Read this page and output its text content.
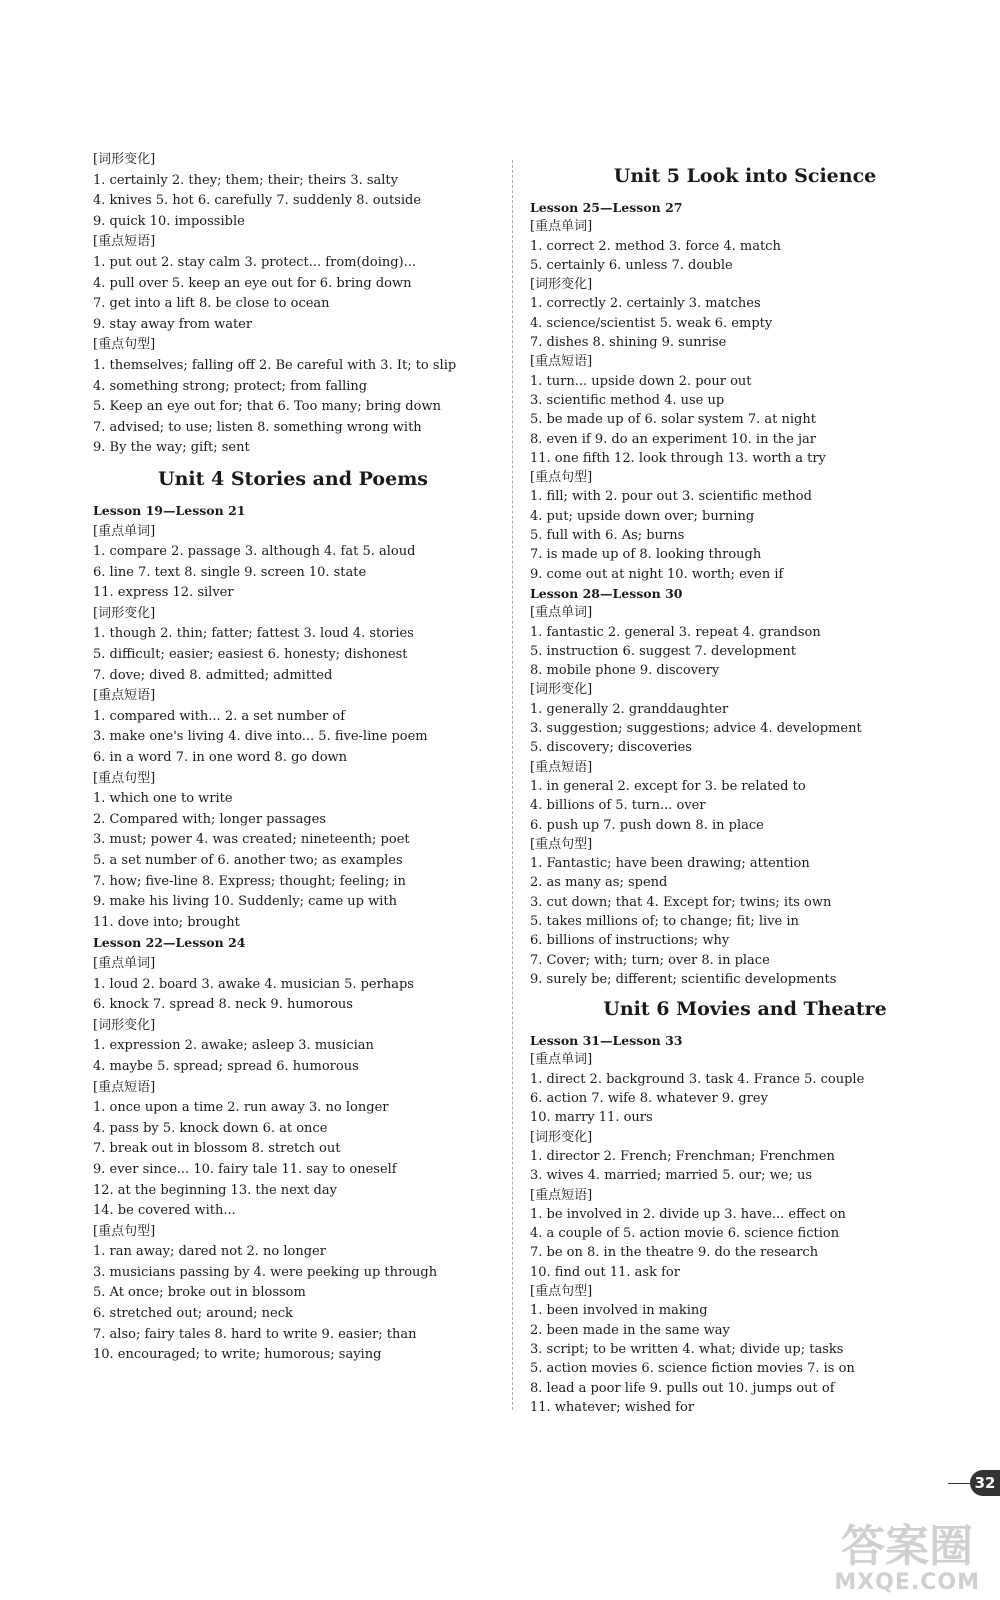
[词形变化]
1. certainly 2. they; them; their; theirs 3. salty
4. knives 5. hot 6. carefully 7. suddenly 8. outside
9. quick 10. impossible
[重点短语]
1. put out 2. stay calm 3. protect... from(doing)...
4. pull over 5. keep an eye out for 6. bring down
7. get into a lift 8. be close to ocean
9. stay away from water
[重点句型]
1. themselves; falling off 2. Be careful with 3. It; to slip
4. something strong; protect; from falling
5. Keep an eye out for; that 6. Too many; bring down
7. advised; to use; listen 8. something wrong with
9. By the way; gift; sent
Unit 4 Stories and Poems
Lesson 19—Lesson 21
[重点单词]
1. compare 2. passage 3. although 4. fat 5. aloud
6. line 7. text 8. single 9. screen 10. state
11. express 12. silver
[词形变化]
1. though 2. thin; fatter; fattest 3. loud 4. stories
5. difficult; easier; easiest 6. honesty; dishonest
7. dove; dived 8. admitted; admitted
[重点短语]
1. compared with... 2. a set number of
3. make one's living 4. dive into... 5. five-line poem
6. in a word 7. in one word 8. go down
[重点句型]
1. which one to write
2. Compared with; longer passages
3. must; power 4. was created; nineteenth; poet
5. a set number of 6. another two; as examples
7. how; five-line 8. Express; thought; feeling; in
9. make his living 10. Suddenly; came up with
11. dove into; brought
Lesson 22—Lesson 24
[重点单词]
1. loud 2. board 3. awake 4. musician 5. perhaps
6. knock 7. spread 8. neck 9. humorous
[词形变化]
1. expression 2. awake; asleep 3. musician
4. maybe 5. spread; spread 6. humorous
[重点短语]
1. once upon a time 2. run away 3. no longer
4. pass by 5. knock down 6. at once
7. break out in blossom 8. stretch out
9. ever since... 10. fairy tale 11. say to oneself
12. at the beginning 13. the next day
14. be covered with...
[重点句型]
1. ran away; dared not 2. no longer
3. musicians passing by 4. were peeking up through
5. At once; broke out in blossom
6. stretched out; around; neck
7. also; fairy tales 8. hard to write 9. easier; than
10. encouraged; to write; humorous; saying
Unit 5 Look into Science
Lesson 25—Lesson 27
[重点单词]
1. correct 2. method 3. force 4. match
5. certainly 6. unless 7. double
[词形变化]
1. correctly 2. certainly 3. matches
4. science/scientist 5. weak 6. empty
7. dishes 8. shining 9. sunrise
[重点短语]
1. turn... upside down 2. pour out
3. scientific method 4. use up
5. be made up of 6. solar system 7. at night
8. even if 9. do an experiment 10. in the jar
11. one fifth 12. look through 13. worth a try
[重点句型]
1. fill; with 2. pour out 3. scientific method
4. put; upside down over; burning
5. full with 6. As; burns
7. is made up of 8. looking through
9. come out at night 10. worth; even if
Lesson 28—Lesson 30
[重点单词]
1. fantastic 2. general 3. repeat 4. grandson
5. instruction 6. suggest 7. development
8. mobile phone 9. discovery
[词形变化]
1. generally 2. granddaughter
3. suggestion; suggestions; advice 4. development
5. discovery; discoveries
[重点短语]
1. in general 2. except for 3. be related to
4. billions of 5. turn... over
6. push up 7. push down 8. in place
[重点句型]
1. Fantastic; have been drawing; attention
2. as many as; spend
3. cut down; that 4. Except for; twins; its own
5. takes millions of; to change; fit; live in
6. billions of instructions; why
7. Cover; with; turn; over 8. in place
9. surely be; different; scientific developments
Unit 6 Movies and Theatre
Lesson 31—Lesson 33
[重点单词]
1. direct 2. background 3. task 4. France 5. couple
6. action 7. wife 8. whatever 9. grey
10. marry 11. ours
[词形变化]
1. director 2. French; Frenchman; Frenchmen
3. wives 4. married; married 5. our; we; us
[重点短语]
1. be involved in 2. divide up 3. have... effect on
4. a couple of 5. action movie 6. science fiction
7. be on 8. in the theatre 9. do the research
10. find out 11. ask for
[重点句型]
1. been involved in making
2. been made in the same way
3. script; to be written 4. what; divide up; tasks
5. action movies 6. science fiction movies 7. is on
8. lead a poor life 9. pulls out 10. jumps out of
11. whatever; wished for
32
答案圈
MXQE.COM
